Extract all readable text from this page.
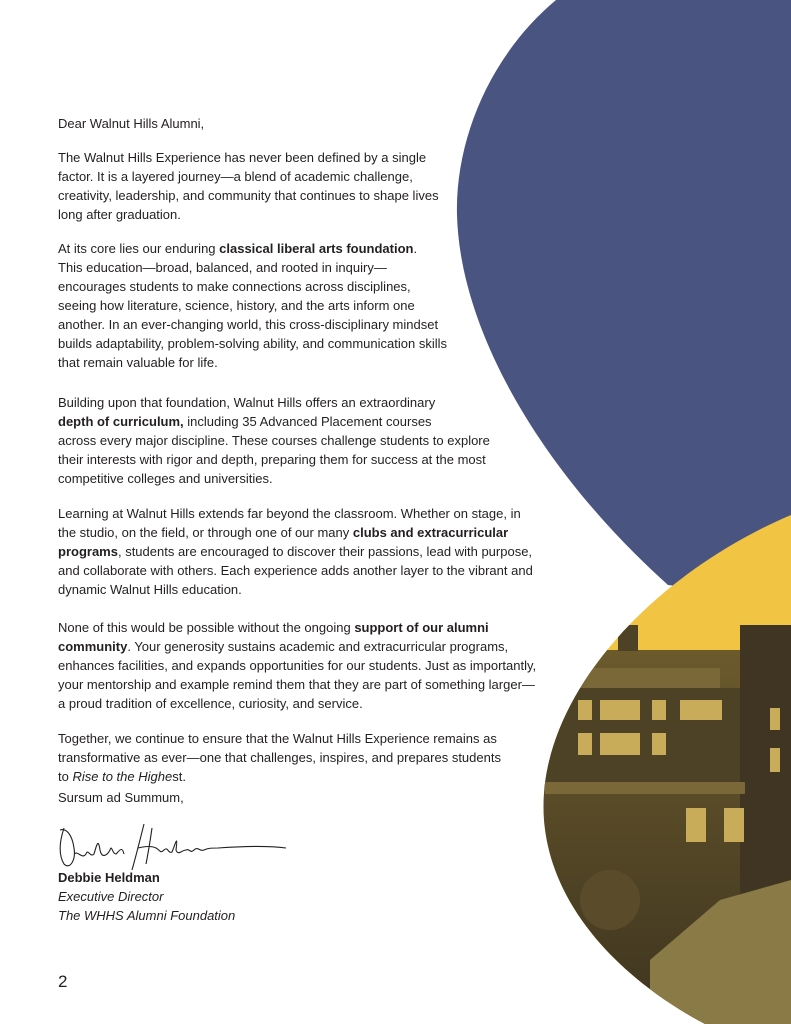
Dear Walnut Hills Alumni,
The Walnut Hills Experience has never been defined by a single
factor. It is a layered journey—a blend of academic challenge,
creativity, leadership, and community that continues to shape lives
long after graduation.
At its core lies our enduring classical liberal arts foundation.
This education—broad, balanced, and rooted in inquiry—
encourages students to make connections across disciplines,
seeing how literature, science, history, and the arts inform one
another. In an ever-changing world, this cross-disciplinary mindset
builds adaptability, problem-solving ability, and communication skills
that remain valuable for life.
Building upon that foundation, Walnut Hills offers an extraordinary
depth of curriculum, including 35 Advanced Placement courses
across every major discipline. These courses challenge students to explore
their interests with rigor and depth, preparing them for success at the most
competitive colleges and universities.
Learning at Walnut Hills extends far beyond the classroom. Whether on stage, in
the studio, on the field, or through one of our many clubs and extracurricular
programs, students are encouraged to discover their passions, lead with purpose,
and collaborate with others. Each experience adds another layer to the vibrant and
dynamic Walnut Hills education.
None of this would be possible without the ongoing support of our alumni
community. Your generosity sustains academic and extracurricular programs,
enhances facilities, and expands opportunities for our students. Just as importantly,
your mentorship and example remind them that they are part of something larger—
a proud tradition of excellence, curiosity, and service.
Together, we continue to ensure that the Walnut Hills Experience remains as
transformative as ever—one that challenges, inspires, and prepares students
to Rise to the Highest.
Sursum ad Summum,
Debbie Heldman
Executive Director
The WHHS Alumni Foundation
2
